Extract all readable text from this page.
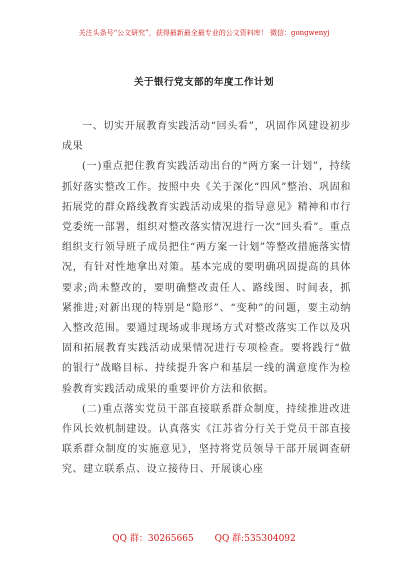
关注头条号“公文研究”，获得最新最全最专业的公文资料库！ 微信：gongwenyj
关于银行党支部的年度工作计划

一、切实开展教育实践活动“回头看”，巩固作风建设初步成果

(一)重点把住教育实践活动出台的“两方案一计划”，持续抓好落实整改工作。按照中央《关于深化“四风”整治、巩固和拓展党的群众路线教育实践活动成果的指导意见》精神和市行党委统一部署，组织对整改落实情况进行一次“回头看”。重点组织支行领导班子成员把住“两方案一计划”等整改措施落实情况，有针对性地拿出对策。基本完成的要明确巩固提高的具体要求;尚未整改的，要明确整改责任人、路线图、时间表，抓紧推进;对新出现的特别是“隐形”、“变种”的问题，要主动纳入整改范围。要通过现场或非现场方式对整改落实工作以及巩固和拓展教育实践活动成果情况进行专项检查。要将践行“做的银行”战略目标、持续提升客户和基层一线的满意度作为检验教育实践活动成果的重要评价方法和依据。

(二)重点落实党员干部直接联系群众制度，持续推进改进作风长效机制建设。认真落实《江苏省分行关于党员干部直接联系群众制度的实施意见》，坚持将党员领导干部开展调查研究、建立联系点、设立接待日、开展谈心座

QQ 群：30265665 QQ 群:535304092
